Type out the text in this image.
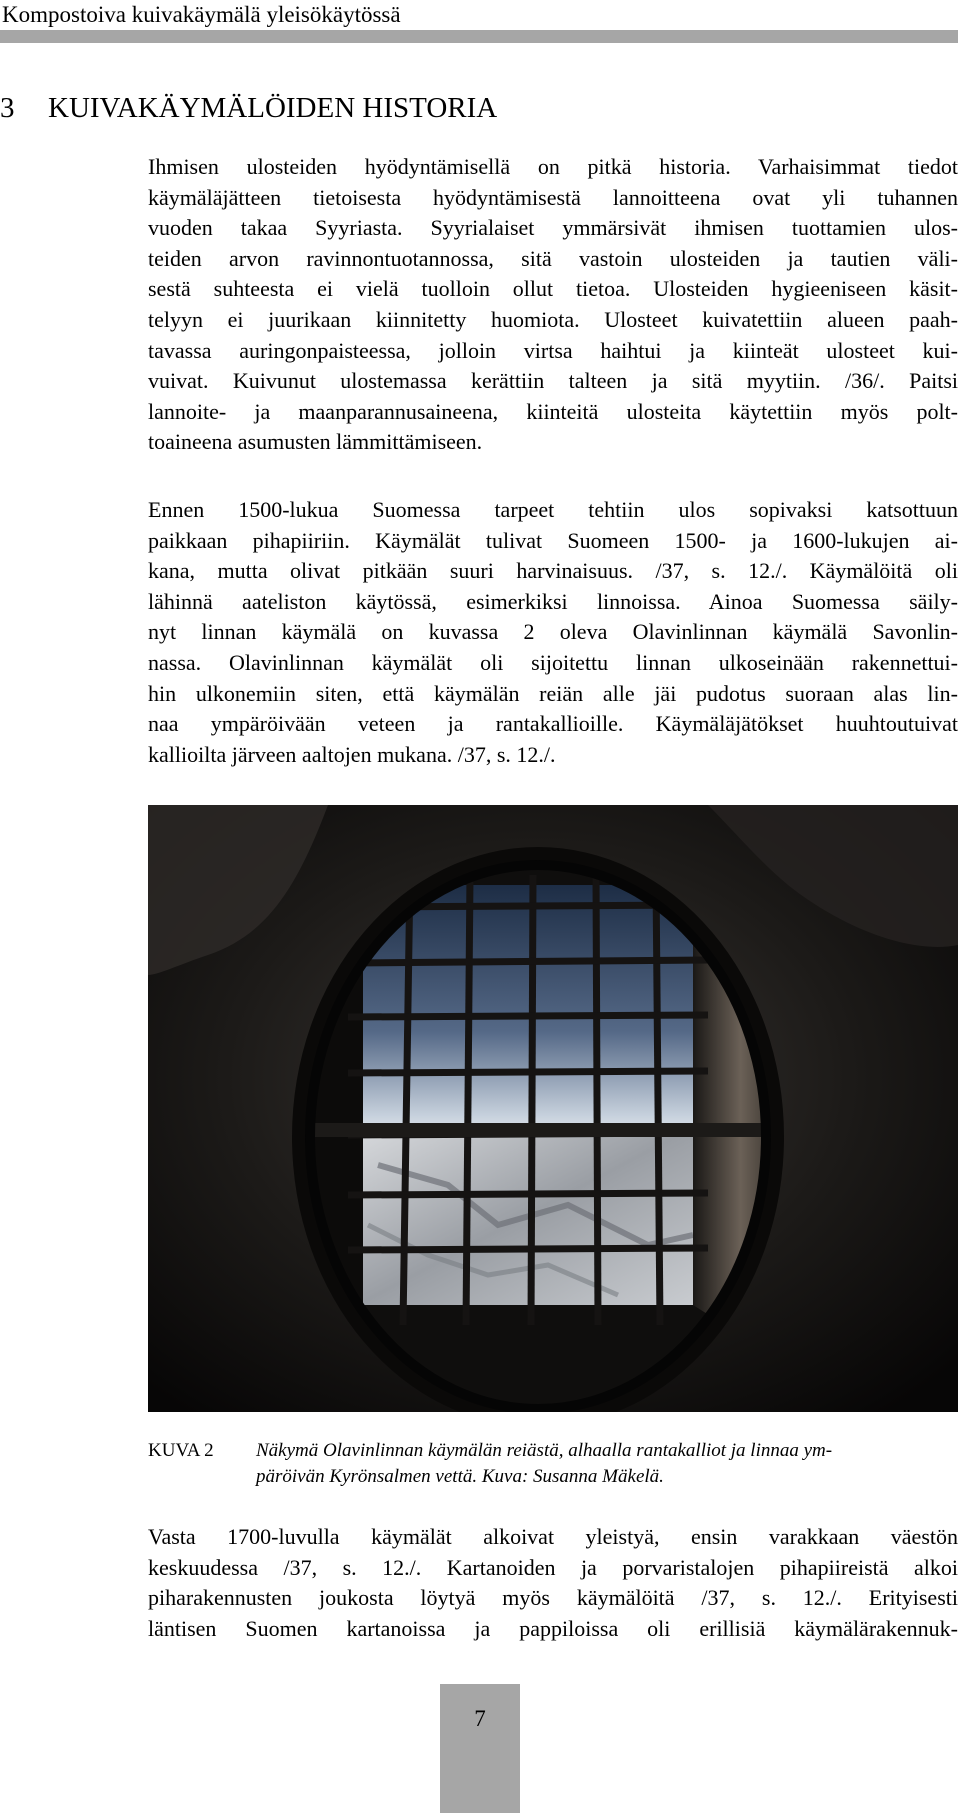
Kompostoiva kuivakäymälä yleisökäytössä
3 KUIVAKÄYMÄLÖIDEN HISTORIA

Ihmisen ulosteiden hyödyntämisellä on pitkä historia. Varhaisimmat tiedot
käymäläjätteen tietoisesta hyödyntämisestä lannoitteena ovat yli tuhannen
vuoden takaa Syyriasta. Syyrialaiset ymmärsivät ihmisen tuottamien ulos-
teiden arvon ravinnontuotannossa, sitä vastoin ulosteiden ja tautien väli-
sestä suhteesta ei vielä tuolloin ollut tietoa. Ulosteiden hygieeniseen käsit-
telyyn ei juurikaan kiinnitetty huomiota. Ulosteet kuivatettiin alueen paah-
tavassa auringonpaisteessa, jolloin virtsa haihtui ja kiinteät ulosteet kui-
vuivat. Kuivunut ulostemassa kerättiin talteen ja sitä myytiin. /36/. Paitsi
lannoite- ja maanparannusaineena, kiinteitä ulosteita käytettiin myös polt-
toaineena asumusten lämmittämiseen.

Ennen 1500-lukua Suomessa tarpeet tehtiin ulos sopivaksi katsottuun
paikkaan pihapiiriin. Käymälät tulivat Suomeen 1500- ja 1600-lukujen ai-
kana, mutta olivat pitkään suuri harvinaisuus. /37, s. 12./. Käymälöitä oli
lähinnä aateliston käytössä, esimerkiksi linnoissa. Ainoa Suomessa säily-
nyt linnan käymälä on kuvassa 2 oleva Olavinlinnan käymälä Savonlin-
nassa. Olavinlinnan käymälät oli sijoitettu linnan ulkoseinään rakennettui-
hin ulkonemiin siten, että käymälän reiän alle jäi pudotus suoraan alas lin-
naa ympäröivään veteen ja rantakallioille. Käymäläjätökset huuhtoutuivat
kallioilta järveen aaltojen mukana. /37, s. 12./.

KUVA 2 Näkymä Olavinlinnan käymälän reiästä, alhaalla rantakalliot ja linnaa ym-
päröivän Kyrönsalmen vettä. Kuva: Susanna Mäkelä.

Vasta 1700-luvulla käymälät alkoivat yleistyä, ensin varakkaan väestön
keskuudessa /37, s. 12./. Kartanoiden ja porvaristalojen pihapiireistä alkoi
piharakennusten joukosta löytyä myös käymälöitä /37, s. 12./. Erityisesti
läntisen Suomen kartanoissa ja pappiloissa oli erillisiä käymälärakennuk-

7
